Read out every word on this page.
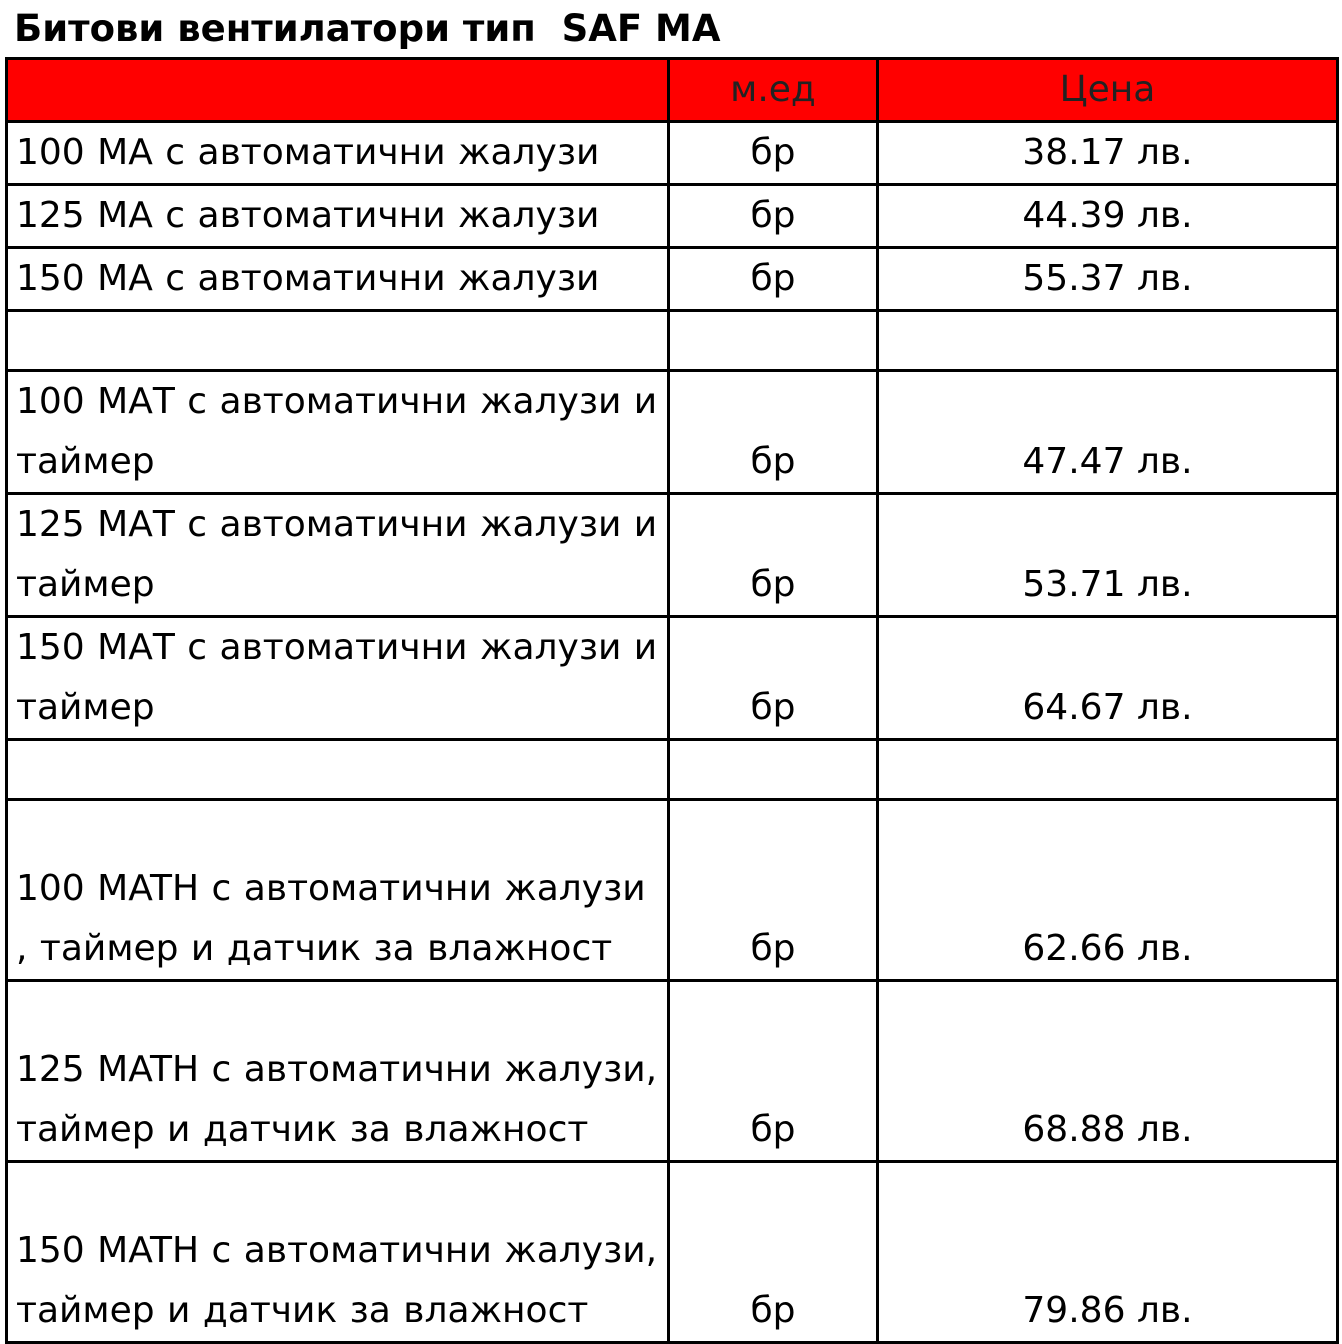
Битови вентилатори тип  SAF MA
	м.ед	Цена
100 МА с автоматични жалузи	бр	38.17 лв.
125 МА с автоматични жалузи	бр	44.39 лв.
150 МА с автоматични жалузи	бр	55.37 лв.

100 МАТ с автоматични жалузи и таймер	бр	47.47 лв.
125 МАТ с автоматични жалузи и таймер	бр	53.71 лв.
150 МАТ с автоматични жалузи и таймер	бр	64.67 лв.

100 MATH с автоматични жалузи , таймер и датчик за влажност	бр	62.66 лв.
125 MATH с автоматични жалузи, таймер и датчик за влажност	бр	68.88 лв.
150 MATH с автоматични жалузи, таймер и датчик за влажност	бр	79.86 лв.
